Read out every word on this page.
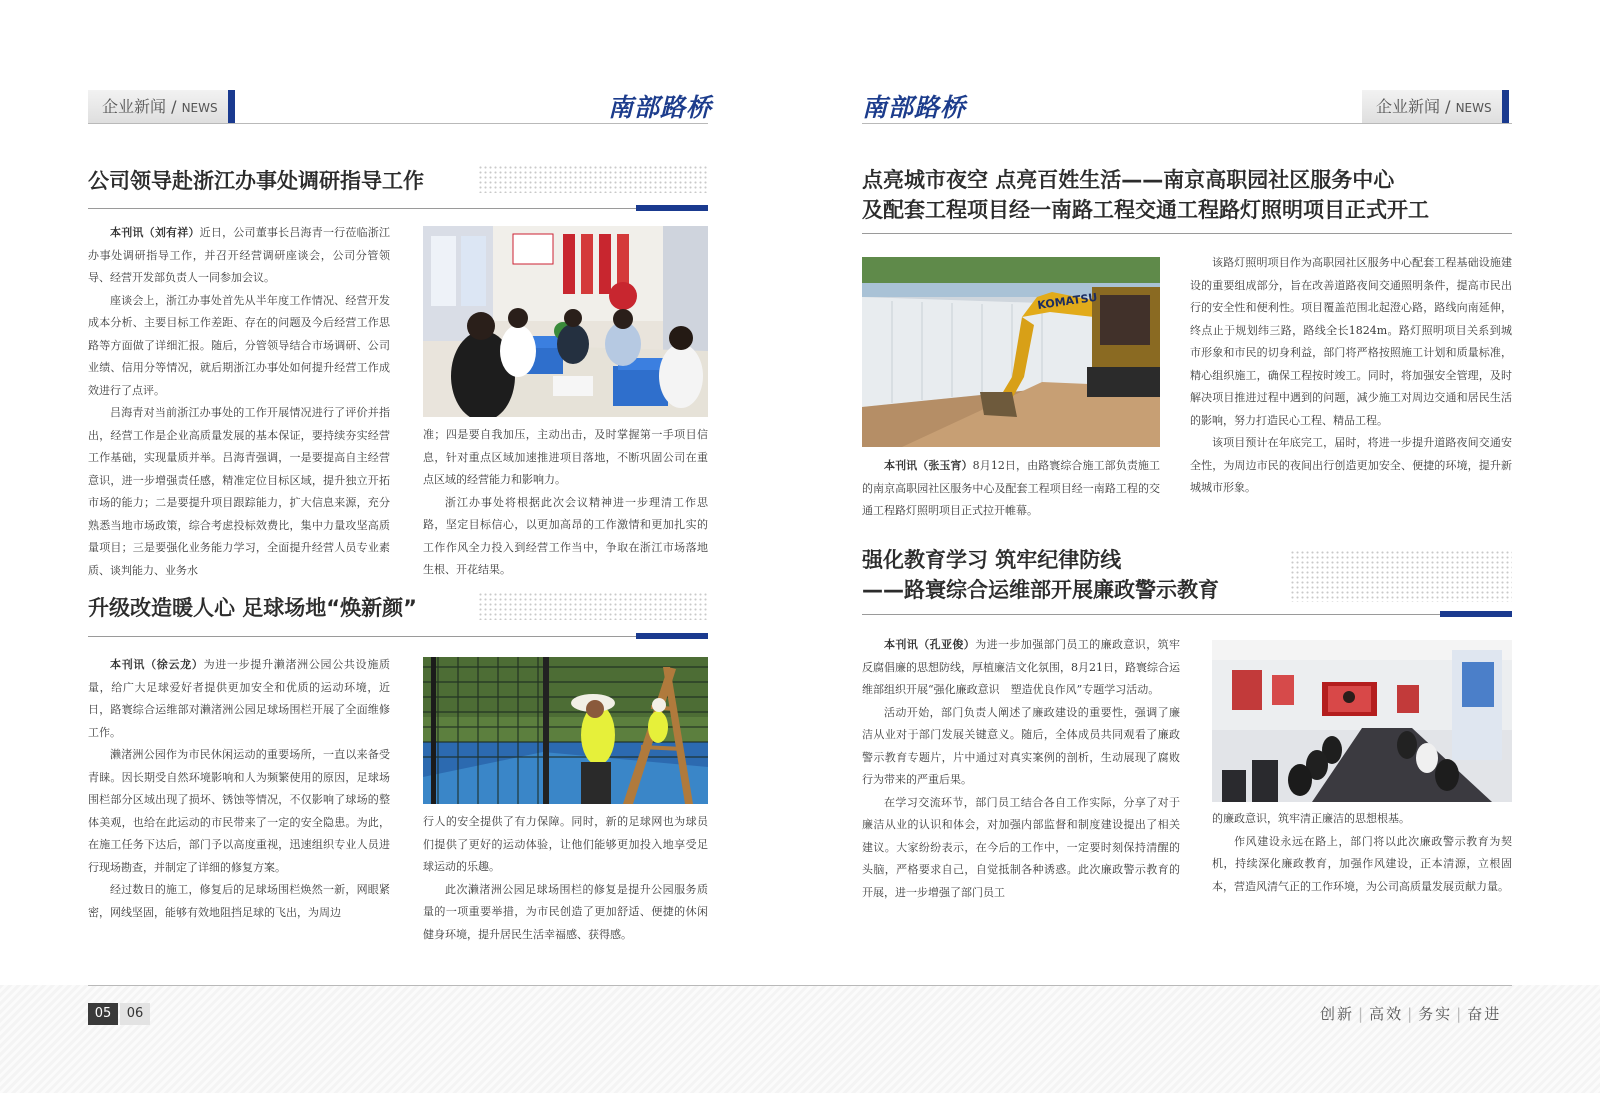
企业新闻 / NEWS	南部路桥	南部路桥	企业新闻 / NEWS
公司领导赴浙江办事处调研指导工作

本刊讯（刘有祥）近日，公司董事长吕海青一行莅临浙江办事处调研指导工作，并召开经营调研座谈会，公司分管领导、经营开发部负责人一同参加会议。

座谈会上，浙江办事处首先从半年度工作情况、经营开发成本分析、主要目标工作差距、存在的问题及今后经营工作思路等方面做了详细汇报。随后，分管领导结合市场调研、公司业绩、信用分等情况，就后期浙江办事处如何提升经营工作成效进行了点评。

吕海青对当前浙江办事处的工作开展情况进行了评价并指出，经营工作是企业高质量发展的基本保证，要持续夯实经营工作基础，实现量质并举。吕海青强调，一是要提高自主经营意识，进一步增强责任感，精准定位目标区域，提升独立开拓市场的能力；二是要提升项目跟踪能力，扩大信息来源，充分熟悉当地市场政策，综合考虑投标效费比，集中力量攻坚高质量项目；三是要强化业务能力学习，全面提升经营人员专业素质、谈判能力、业务水

准；四是要自我加压，主动出击，及时掌握第一手项目信息，针对重点区域加速推进项目落地，不断巩固公司在重点区域的经营能力和影响力。

浙江办事处将根据此次会议精神进一步理清工作思路，坚定目标信心，以更加高昂的工作激情和更加扎实的工作作风全力投入到经营工作当中，争取在浙江市场落地生根、开花结果。

升级改造暖人心 足球场地“焕新颜”

本刊讯（徐云龙）为进一步提升濑渚洲公园公共设施质量，给广大足球爱好者提供更加安全和优质的运动环境，近日，路寰综合运维部对濑渚洲公园足球场围栏开展了全面维修工作。

濑渚洲公园作为市民休闲运动的重要场所，一直以来备受青睐。因长期受自然环境影响和人为频繁使用的原因，足球场围栏部分区域出现了损坏、锈蚀等情况，不仅影响了球场的整体美观，也给在此运动的市民带来了一定的安全隐患。为此，在施工任务下达后，部门予以高度重视，迅速组织专业人员进行现场勘查，并制定了详细的修复方案。

经过数日的施工，修复后的足球场围栏焕然一新，网眼紧密，网线坚固，能够有效地阻挡足球的飞出，为周边

行人的安全提供了有力保障。同时，新的足球网也为球员们提供了更好的运动体验，让他们能够更加投入地享受足球运动的乐趣。

此次濑渚洲公园足球场围栏的修复是提升公园服务质量的一项重要举措，为市民创造了更加舒适、便捷的休闲健身环境，提升居民生活幸福感、获得感。

点亮城市夜空 点亮百姓生活——南京高职园社区服务中心
及配套工程项目经一南路工程交通工程路灯照明项目正式开工
KOMATSU

本刊讯（张玉宵）8月12日，由路寰综合施工部负责施工的南京高职园社区服务中心及配套工程项目经一南路工程的交通工程路灯照明项目正式拉开帷幕。

该路灯照明项目作为高职园社区服务中心配套工程基础设施建设的重要组成部分，旨在改善道路夜间交通照明条件，提高市民出行的安全性和便利性。项目覆盖范围北起澄心路，路线向南延伸，终点止于规划纬三路，路线全长1824m。路灯照明项目关系到城市形象和市民的切身利益，部门将严格按照施工计划和质量标准，精心组织施工，确保工程按时竣工。同时，将加强安全管理，及时解决项目推进过程中遇到的问题，减少施工对周边交通和居民生活的影响，努力打造民心工程、精品工程。

该项目预计在年底完工，届时，将进一步提升道路夜间交通安全性，为周边市民的夜间出行创造更加安全、便捷的环境，提升新城城市形象。

强化教育学习 筑牢纪律防线
——路寰综合运维部开展廉政警示教育

本刊讯（孔亚俊）为进一步加强部门员工的廉政意识，筑牢反腐倡廉的思想防线，厚植廉洁文化氛围，8月21日，路寰综合运维部组织开展“强化廉政意识　塑造优良作风”专题学习活动。

活动开始，部门负责人阐述了廉政建设的重要性，强调了廉洁从业对于部门发展关键意义。随后，全体成员共同观看了廉政警示教育专题片，片中通过对真实案例的剖析，生动展现了腐败行为带来的严重后果。

在学习交流环节，部门员工结合各自工作实际，分享了对于廉洁从业的认识和体会，对加强内部监督和制度建设提出了相关建议。大家纷纷表示，在今后的工作中，一定要时刻保持清醒的头脑，严格要求自己，自觉抵制各种诱惑。此次廉政警示教育的开展，进一步增强了部门员工

的廉政意识，筑牢清正廉洁的思想根基。

作风建设永远在路上，部门将以此次廉政警示教育为契机，持续深化廉政教育，加强作风建设，正本清源，立根固本，营造风清气正的工作环境，为公司高质量发展贡献力量。

05	06	创新 | 高效 | 务实 | 奋进
